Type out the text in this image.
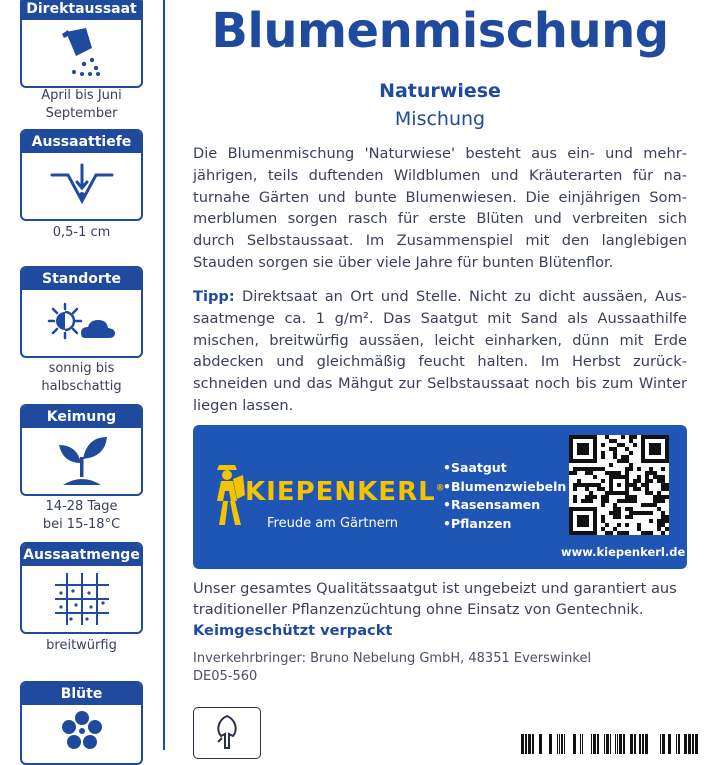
Direktaussaat
April bis Juni
September
Aussaattiefe
0,5-1 cm
Standorte
sonnig bis
halbschattig
Keimung
14-28 Tage
bei 15-18°C
Aussaatmenge
breitwürfig
Blüte
Blumenmischung
Naturwiese
Mischung
Die Blumenmischung 'Naturwiese' besteht aus ein- und mehrjährigen, teils duftenden Wildblumen und Kräuterarten für naturnahe Gärten und bunte Blumenwiesen. Die einjährigen Sommerblumen sorgen rasch für erste Blüten und verbreiten sich durch Selbstaussaat. Im Zusammenspiel mit den langlebigen Stauden sorgen sie über viele Jahre für bunten Blütenflor.
Tipp: Direktsaat an Ort und Stelle. Nicht zu dicht aussäen, Aussaatmenge ca. 1 g/m². Das Saatgut mit Sand als Aussaathilfe mischen, breitwürfig aussäen, leicht einharken, dünn mit Erde abdecken und gleichmäßig feucht halten. Im Herbst zurückschneiden und das Mähgut zur Selbstaussaat noch bis zum Winter liegen lassen.
KIEPENKERL®
Freude am Gärtnern
• Saatgut
• Blumenzwiebeln
• Rasensamen
• Pflanzen
www.kiepenkerl.de
Unser gesamtes Qualitätssaatgut ist ungebeizt und garantiert aus traditioneller Pflanzenzüchtung ohne Einsatz von Gentechnik.
Keimgeschützt verpackt
Inverkehrbringer: Bruno Nebelung GmbH, 48351 Everswinkel
DE05-560
